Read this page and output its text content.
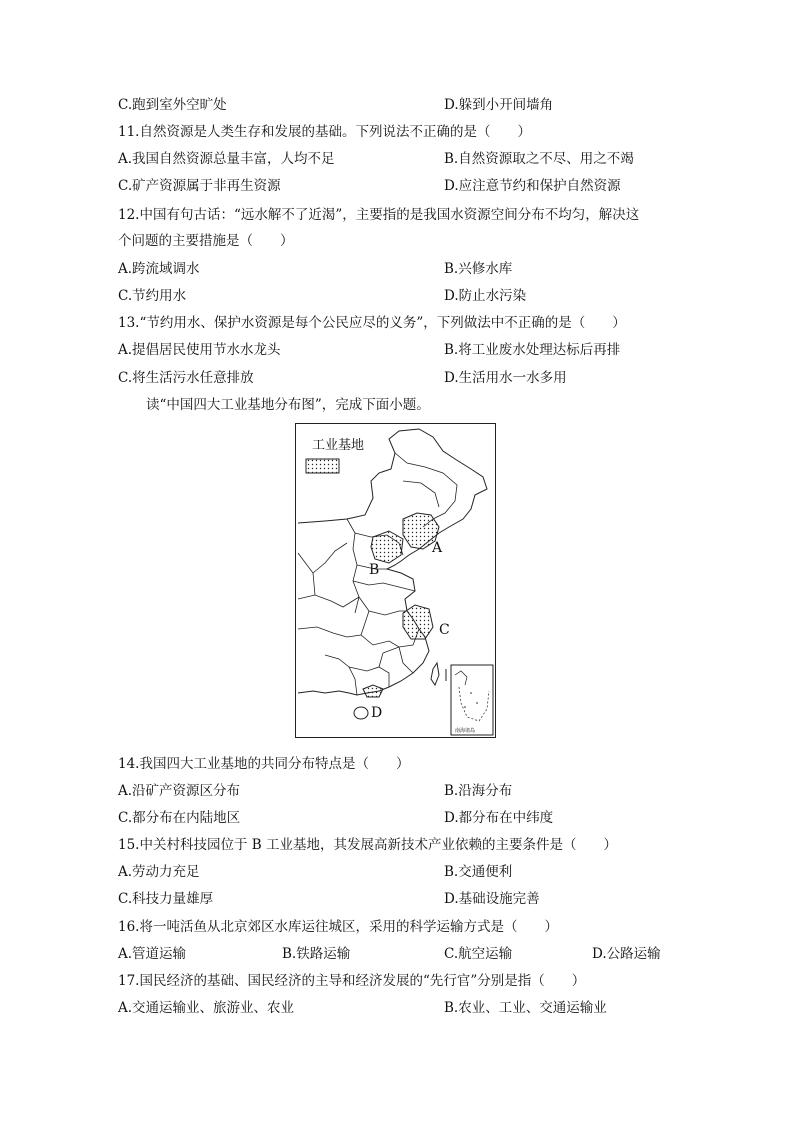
C.跑到室外空旷处	D.躲到小开间墙角
11.自然资源是人类生存和发展的基础。下列说法不正确的是（　　）
A.我国自然资源总量丰富，人均不足	B.自然资源取之不尽、用之不竭
C.矿产资源属于非再生资源	D.应注意节约和保护自然资源
12.中国有句古话：“远水解不了近渴”，主要指的是我国水资源空间分布不均匀，解决这
个问题的主要措施是（　　）
A.跨流域调水	B.兴修水库
C.节约用水	D.防止水污染
13.“节约用水、保护水资源是每个公民应尽的义务”，下列做法中不正确的是（　　）
A.提倡居民使用节水水龙头	B.将工业废水处理达标后再排
C.将生活污水任意排放	D.生活用水一水多用
读“中国四大工业基地分布图”，完成下面小题。
工业基地
A
B
C
D
南海诸岛
14.我国四大工业基地的共同分布特点是（　　）
A.沿矿产资源区分布	B.沿海分布
C.都分布在内陆地区	D.都分布在中纬度
15.中关村科技园位于 B 工业基地，其发展高新技术产业依赖的主要条件是（　　）
A.劳动力充足	B.交通便利
C.科技力量雄厚	D.基础设施完善
16.将一吨活鱼从北京郊区水库运往城区，采用的科学运输方式是（　　）
A.管道运输	B.铁路运输	C.航空运输	D.公路运输
17.国民经济的基础、国民经济的主导和经济发展的“先行官”分别是指（　　）
A.交通运输业、旅游业、农业	B.农业、工业、交通运输业
